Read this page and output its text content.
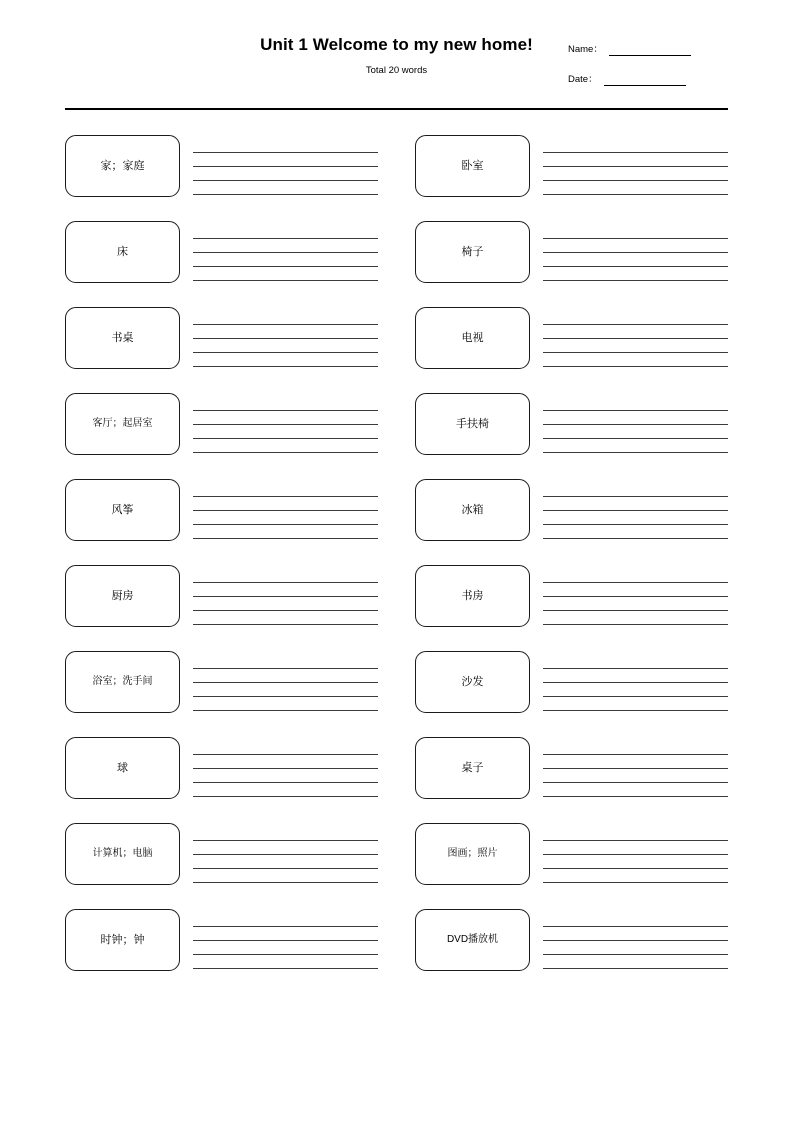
Unit 1 Welcome to my new home!
Total 20 words
Name：
Date：
家；家庭
床
书桌
客厅；起居室
风筝
厨房
浴室；洗手间
球
计算机；电脑
时钟；钟
卧室
椅子
电视
手扶椅
冰箱
书房
沙发
桌子
图画；照片
DVD播放机
